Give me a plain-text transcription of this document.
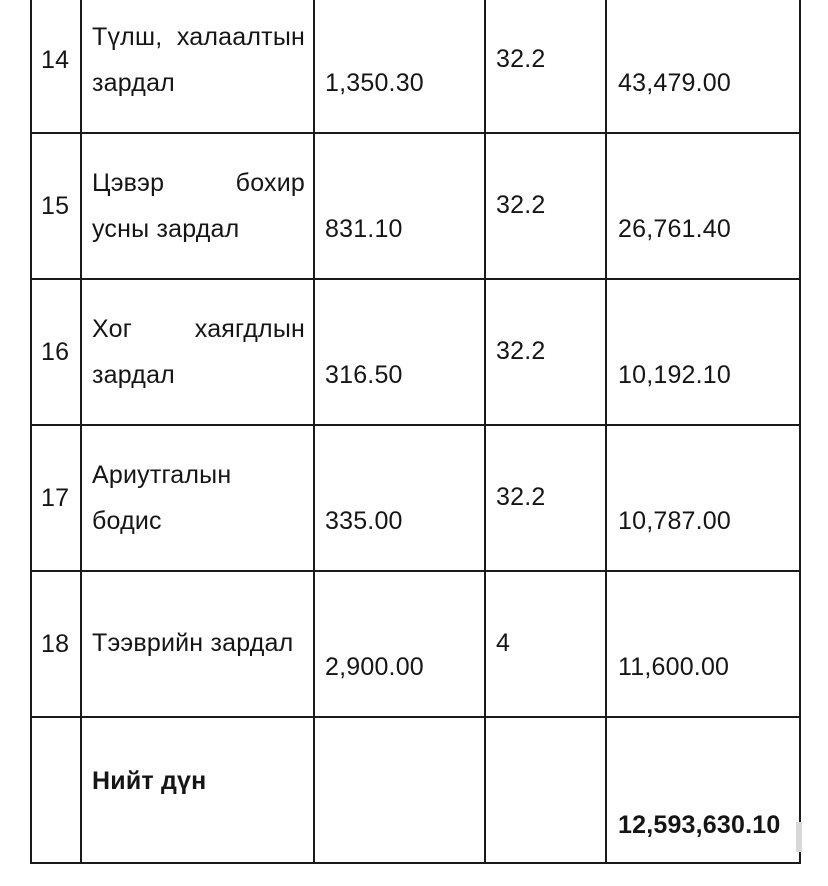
14	Түлш, халаалтын зардал	1,350.30	32.2	43,479.00

15	Цэвэр бохир усны зардал	831.10	32.2	26,761.40

16	Хог хаягдлын зардал	316.50	32.2	10,192.10

17	Ариутгалын бодис	335.00	32.2	10,787.00

18	Тээврийн зардал	2,900.00	4	11,600.00

	Нийт дүн			12,593,630.10
